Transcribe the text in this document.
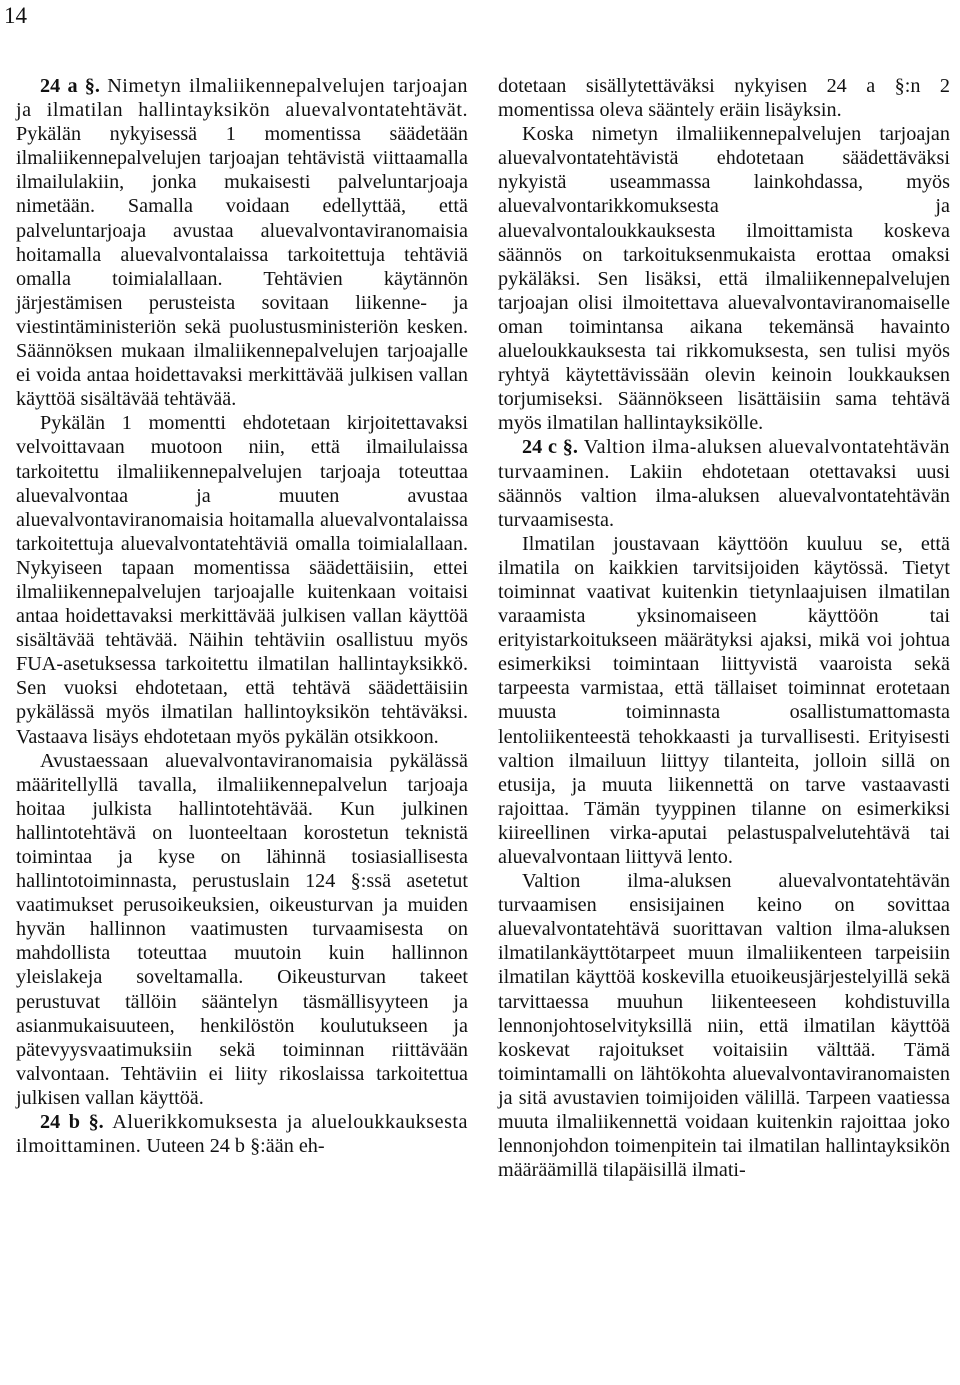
14

24 a §. Nimetyn ilmaliikennepalvelujen tarjoajan ja ilmatilan hallintayksikön aluevalvontatehtävät. Pykälän nykyisessä 1 momentissa säädetään ilmaliikennepalvelujen tarjoajan tehtävistä viittaamalla ilmailulakiin, jonka mukaisesti palveluntarjoaja nimetään. Samalla voidaan edellyttää, että palveluntarjoaja avustaa aluevalvontaviranomaisia hoitamalla aluevalvontalaissa tarkoitettuja tehtäviä omalla toimialallaan. Tehtävien käytännön järjestämisen perusteista sovitaan liikenne- ja viestintäministeriön sekä puolustusministeriön kesken. Säännöksen mukaan ilmaliikennepalvelujen tarjoajalle ei voida antaa hoidettavaksi merkittävää julkisen vallan käyttöä sisältävää tehtävää.

Pykälän 1 momentti ehdotetaan kirjoitettavaksi velvoittavaan muotoon niin, että ilmailulaissa tarkoitettu ilmaliikennepalvelujen tarjoaja toteuttaa aluevalvontaa ja muuten avustaa aluevalvontaviranomaisia hoitamalla aluevalvontalaissa tarkoitettuja aluevalvontatehtäviä omalla toimialallaan. Nykyiseen tapaan momentissa säädettäisiin, ettei ilmaliikennepalvelujen tarjoajalle kuitenkaan voitaisi antaa hoidettavaksi merkittävää julkisen vallan käyttöä sisältävää tehtävää. Näihin tehtäviin osallistuu myös FUA-asetuksessa tarkoitettu ilmatilan hallintayksikkö. Sen vuoksi ehdotetaan, että tehtävä säädettäisiin pykälässä myös ilmatilan hallintoyksikön tehtäväksi. Vastaava lisäys ehdotetaan myös pykälän otsikkoon.

Avustaessaan aluevalvontaviranomaisia pykälässä määritellyllä tavalla, ilmaliikennepalvelun tarjoaja hoitaa julkista hallintotehtävää. Kun julkinen hallintotehtävä on luonteeltaan korostetun teknistä toimintaa ja kyse on lähinnä tosiasiallisesta hallintotoiminnasta, perustuslain 124 §:ssä asetetut vaatimukset perusoikeuksien, oikeusturvan ja muiden hyvän hallinnon vaatimusten turvaamisesta on mahdollista toteuttaa muutoin kuin hallinnon yleislakeja soveltamalla. Oikeusturvan takeet perustuvat tällöin sääntelyn täsmällisyyteen ja asianmukaisuuteen, henkilöstön koulutukseen ja pätevyysvaatimuksiin sekä toiminnan riittävään valvontaan. Tehtäviin ei liity rikoslaissa tarkoitettua julkisen vallan käyttöä.

24 b §. Aluerikkomuksesta ja alueloukkauksesta ilmoittaminen. Uuteen 24 b §:ään eh-

dotetaan sisällytettäväksi nykyisen 24 a §:n 2 momentissa oleva sääntely eräin lisäyksin.

Koska nimetyn ilmaliikennepalvelujen tarjoajan aluevalvontatehtävistä ehdotetaan säädettäväksi nykyistä useammassa lainkohdassa, myös aluevalvontarikkomuksesta ja aluevalvontaloukkauksesta ilmoittamista koskeva säännös on tarkoituksenmukaista erottaa omaksi pykäläksi. Sen lisäksi, että ilmaliikennepalvelujen tarjoajan olisi ilmoitettava aluevalvontaviranomaiselle oman toimintansa aikana tekemänsä havainto alueloukkauksesta tai rikkomuksesta, sen tulisi myös ryhtyä käytettävissään olevin keinoin loukkauksen torjumiseksi. Säännökseen lisättäisiin sama tehtävä myös ilmatilan hallintayksikölle.

24 c §. Valtion ilma-aluksen aluevalvontatehtävän turvaaminen. Lakiin ehdotetaan otettavaksi uusi säännös valtion ilma-aluksen aluevalvontatehtävän turvaamisesta.

Ilmatilan joustavaan käyttöön kuuluu se, että ilmatila on kaikkien tarvitsijoiden käytössä. Tietyt toiminnat vaativat kuitenkin tietynlaajuisen ilmatilan varaamista yksinomaiseen käyttöön tai erityistarkoitukseen määrätyksi ajaksi, mikä voi johtua esimerkiksi toimintaan liittyvistä vaaroista sekä tarpeesta varmistaa, että tällaiset toiminnat erotetaan muusta toiminnasta osallistumattomasta lentoliikenteestä tehokkaasti ja turvallisesti. Erityisesti valtion ilmailuun liittyy tilanteita, jolloin sillä on etusija, ja muuta liikennettä on tarve vastaavasti rajoittaa. Tämän tyyppinen tilanne on esimerkiksi kiireellinen virka-aputai pelastuspalvelutehtävä tai aluevalvontaan liittyvä lento.

Valtion ilma-aluksen aluevalvontatehtävän turvaamisen ensisijainen keino on sovittaa aluevalvontatehtävä suorittavan valtion ilma-aluksen ilmatilankäyttötarpeet muun ilmaliikenteen tarpeisiin ilmatilan käyttöä koskevilla etuoikeusjärjestelyillä sekä tarvittaessa muuhun liikenteeseen kohdistuvilla lennonjohtoselvityksillä niin, että ilmatilan käyttöä koskevat rajoitukset voitaisiin välttää. Tämä toimintamalli on lähtökohta aluevalvontaviranomaisten ja sitä avustavien toimijoiden välillä. Tarpeen vaatiessa muuta ilmaliikennettä voidaan kuitenkin rajoittaa joko lennonjohdon toimenpitein tai ilmatilan hallintayksikön määräämillä tilapäisillä ilmati-
